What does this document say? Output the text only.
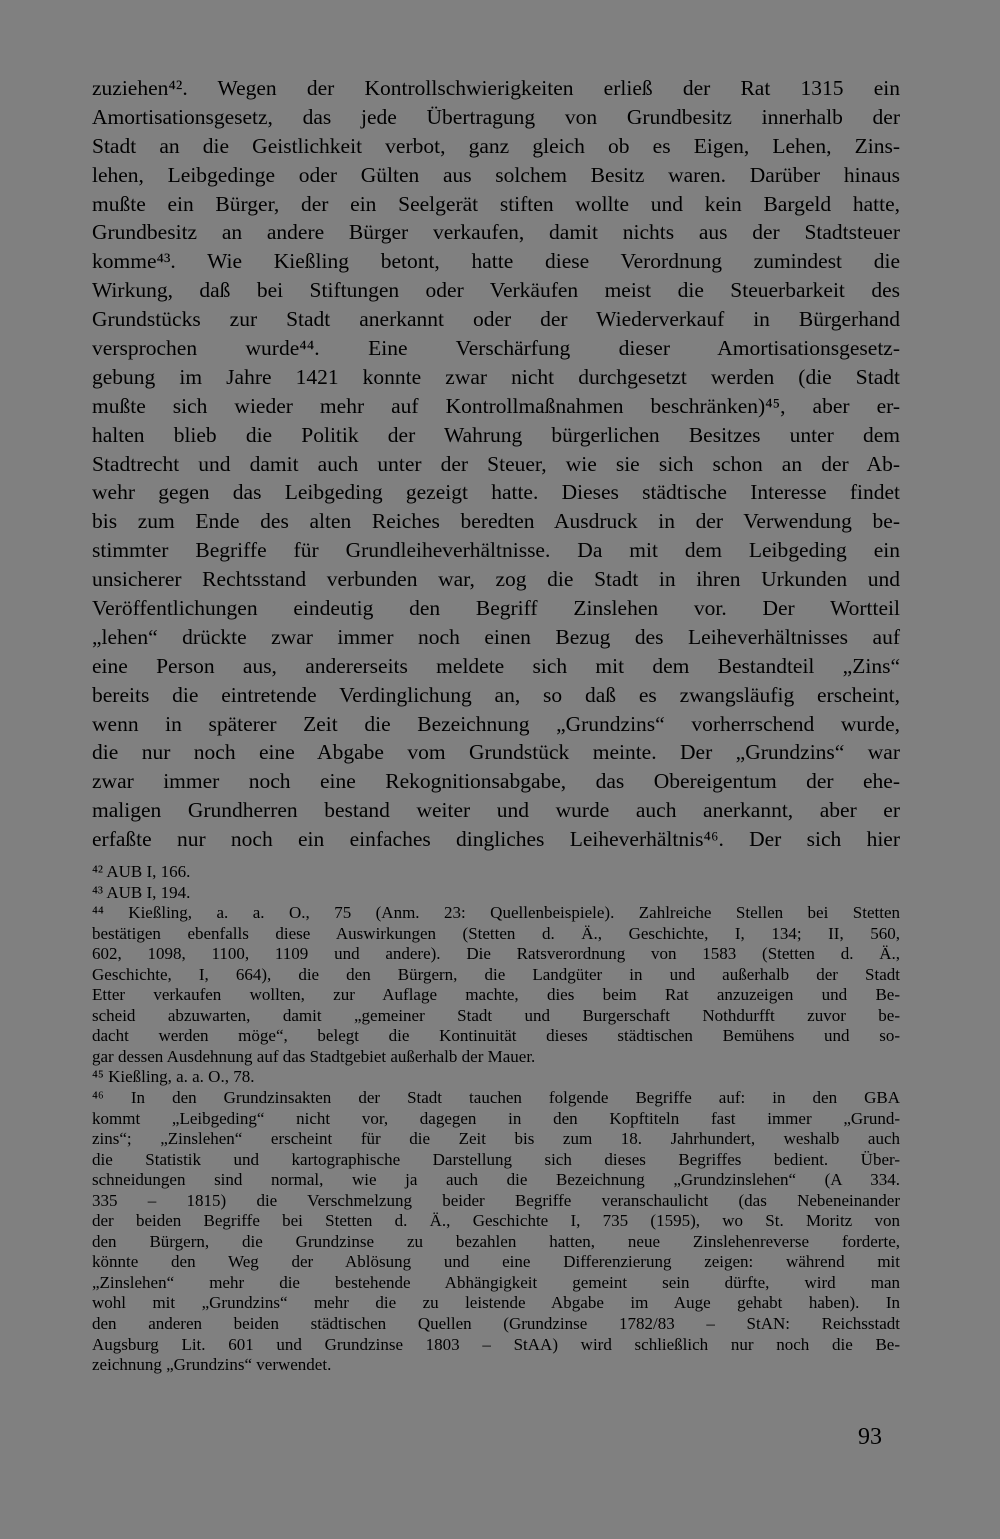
zuziehen⁴². Wegen der Kontrollschwierigkeiten erließ der Rat 1315 ein
Amortisationsgesetz, das jede Übertragung von Grundbesitz innerhalb der
Stadt an die Geistlichkeit verbot, ganz gleich ob es Eigen, Lehen, Zins-
lehen, Leibgedinge oder Gülten aus solchem Besitz waren. Darüber hinaus
mußte ein Bürger, der ein Seelgerät stiften wollte und kein Bargeld hatte,
Grundbesitz an andere Bürger verkaufen, damit nichts aus der Stadtsteuer
komme⁴³. Wie Kießling betont, hatte diese Verordnung zumindest die
Wirkung, daß bei Stiftungen oder Verkäufen meist die Steuerbarkeit des
Grundstücks zur Stadt anerkannt oder der Wiederverkauf in Bürgerhand
versprochen wurde⁴⁴. Eine Verschärfung dieser Amortisationsgesetz-
gebung im Jahre 1421 konnte zwar nicht durchgesetzt werden (die Stadt
mußte sich wieder mehr auf Kontrollmaßnahmen beschränken)⁴⁵, aber er-
halten blieb die Politik der Wahrung bürgerlichen Besitzes unter dem
Stadtrecht und damit auch unter der Steuer, wie sie sich schon an der Ab-
wehr gegen das Leibgeding gezeigt hatte. Dieses städtische Interesse findet
bis zum Ende des alten Reiches beredten Ausdruck in der Verwendung be-
stimmter Begriffe für Grundleiheverhältnisse. Da mit dem Leibgeding ein
unsicherer Rechtsstand verbunden war, zog die Stadt in ihren Urkunden und
Veröffentlichungen eindeutig den Begriff Zinslehen vor. Der Wortteil
„lehen“ drückte zwar immer noch einen Bezug des Leiheverhältnisses auf
eine Person aus, andererseits meldete sich mit dem Bestandteil „Zins“
bereits die eintretende Verdinglichung an, so daß es zwangsläufig erscheint,
wenn in späterer Zeit die Bezeichnung „Grundzins“ vorherrschend wurde,
die nur noch eine Abgabe vom Grundstück meinte. Der „Grundzins“ war
zwar immer noch eine Rekognitionsabgabe, das Obereigentum der ehe-
maligen Grundherren bestand weiter und wurde auch anerkannt, aber er
erfaßte nur noch ein einfaches dingliches Leiheverhältnis⁴⁶. Der sich hier
⁴² AUB I, 166.
⁴³ AUB I, 194.
⁴⁴ Kießling, a. a. O., 75 (Anm. 23: Quellenbeispiele). Zahlreiche Stellen bei Stetten
bestätigen ebenfalls diese Auswirkungen (Stetten d. Ä., Geschichte, I, 134; II, 560,
602, 1098, 1100, 1109 und andere). Die Ratsverordnung von 1583 (Stetten d. Ä.,
Geschichte, I, 664), die den Bürgern, die Landgüter in und außerhalb der Stadt
Etter verkaufen wollten, zur Auflage machte, dies beim Rat anzuzeigen und Be-
scheid abzuwarten, damit „gemeiner Stadt und Burgerschaft Nothdurfft zuvor be-
dacht werden möge“, belegt die Kontinuität dieses städtischen Bemühens und so-
gar dessen Ausdehnung auf das Stadtgebiet außerhalb der Mauer.
⁴⁵ Kießling, a. a. O., 78.
⁴⁶ In den Grundzinsakten der Stadt tauchen folgende Begriffe auf: in den GBA
kommt „Leibgeding“ nicht vor, dagegen in den Kopftiteln fast immer „Grund-
zins“; „Zinslehen“ erscheint für die Zeit bis zum 18. Jahrhundert, weshalb auch
die Statistik und kartographische Darstellung sich dieses Begriffes bedient. Über-
schneidungen sind normal, wie ja auch die Bezeichnung „Grundzinslehen“ (A 334.
335 – 1815) die Verschmelzung beider Begriffe veranschaulicht (das Nebeneinander
der beiden Begriffe bei Stetten d. Ä., Geschichte I, 735 (1595), wo St. Moritz von
den Bürgern, die Grundzinse zu bezahlen hatten, neue Zinslehenreverse forderte,
könnte den Weg der Ablösung und eine Differenzierung zeigen: während mit
„Zinslehen“ mehr die bestehende Abhängigkeit gemeint sein dürfte, wird man
wohl mit „Grundzins“ mehr die zu leistende Abgabe im Auge gehabt haben). In
den anderen beiden städtischen Quellen (Grundzinse 1782/83 – StAN: Reichsstadt
Augsburg Lit. 601 und Grundzinse 1803 – StAA) wird schließlich nur noch die Be-
zeichnung „Grundzins“ verwendet.
93
